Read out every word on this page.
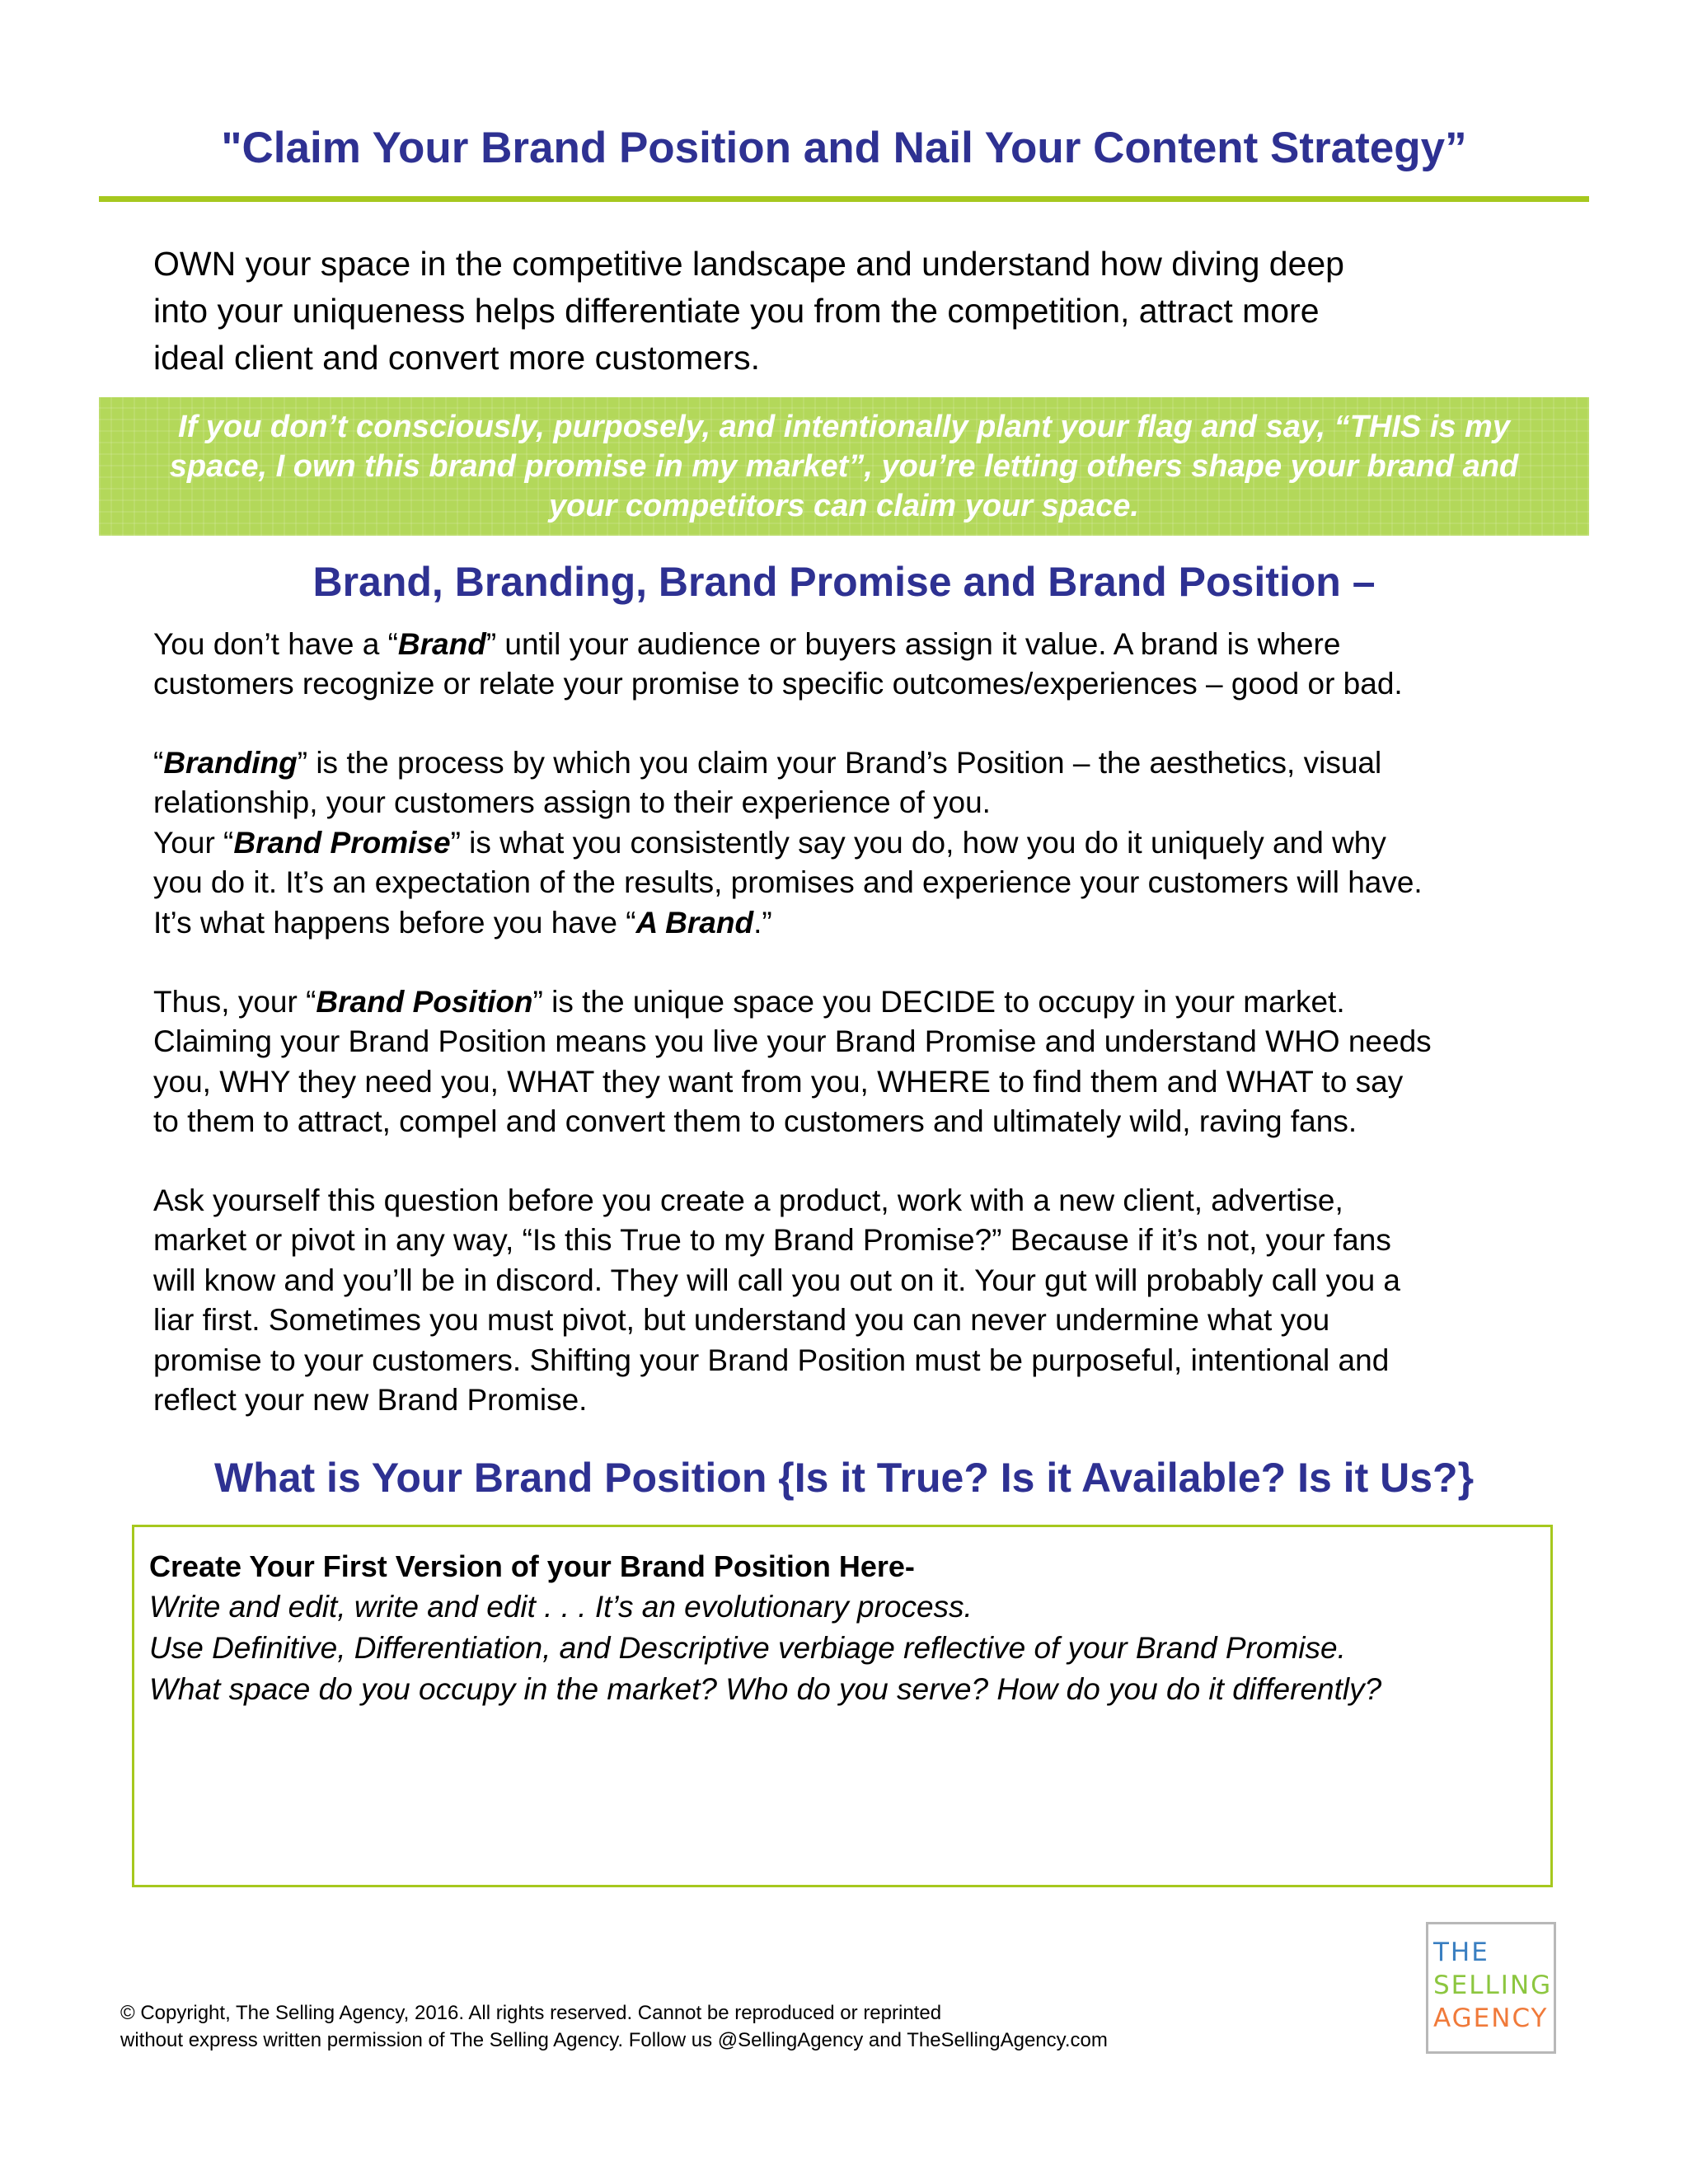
"Claim Your Brand Position and Nail Your Content Strategy”
OWN your space in the competitive landscape and understand how diving deep
into your uniqueness helps differentiate you from the competition, attract more
ideal client and convert more customers.
If you don’t consciously, purposely, and intentionally plant your flag and say, “THIS is my
space, I own this brand promise in my market”, you’re letting others shape your brand and
your competitors can claim your space.
Brand, Branding, Brand Promise and Brand Position –
You don’t have a “Brand” until your audience or buyers assign it value. A brand is where
customers recognize or relate your promise to specific outcomes/experiences – good or bad.
“Branding” is the process by which you claim your Brand’s Position – the aesthetics, visual
relationship, your customers assign to their experience of you.
Your “Brand Promise” is what you consistently say you do, how you do it uniquely and why
you do it. It’s an expectation of the results, promises and experience your customers will have.
It’s what happens before you have “A Brand.”
Thus, your “Brand Position” is the unique space you DECIDE to occupy in your market.
Claiming your Brand Position means you live your Brand Promise and understand WHO needs
you, WHY they need you, WHAT they want from you, WHERE to find them and WHAT to say
to them to attract, compel and convert them to customers and ultimately wild, raving fans.
Ask yourself this question before you create a product, work with a new client, advertise,
market or pivot in any way, “Is this True to my Brand Promise?” Because if it’s not, your fans
will know and you’ll be in discord. They will call you out on it. Your gut will probably call you a
liar first. Sometimes you must pivot, but understand you can never undermine what you
promise to your customers. Shifting your Brand Position must be purposeful, intentional and
reflect your new Brand Promise.
What is Your Brand Position {Is it True? Is it Available? Is it Us?}
Create Your First Version of your Brand Position Here-
Write and edit, write and edit . . . It’s an evolutionary process.
Use Definitive, Differentiation, and Descriptive verbiage reflective of your Brand Promise.
What space do you occupy in the market? Who do you serve? How do you do it differently?
© Copyright, The Selling Agency, 2016. All rights reserved. Cannot be reproduced or reprinted
without express written permission of The Selling Agency. Follow us @SellingAgency and TheSellingAgency.com
THE
SELLING
AGENCY
